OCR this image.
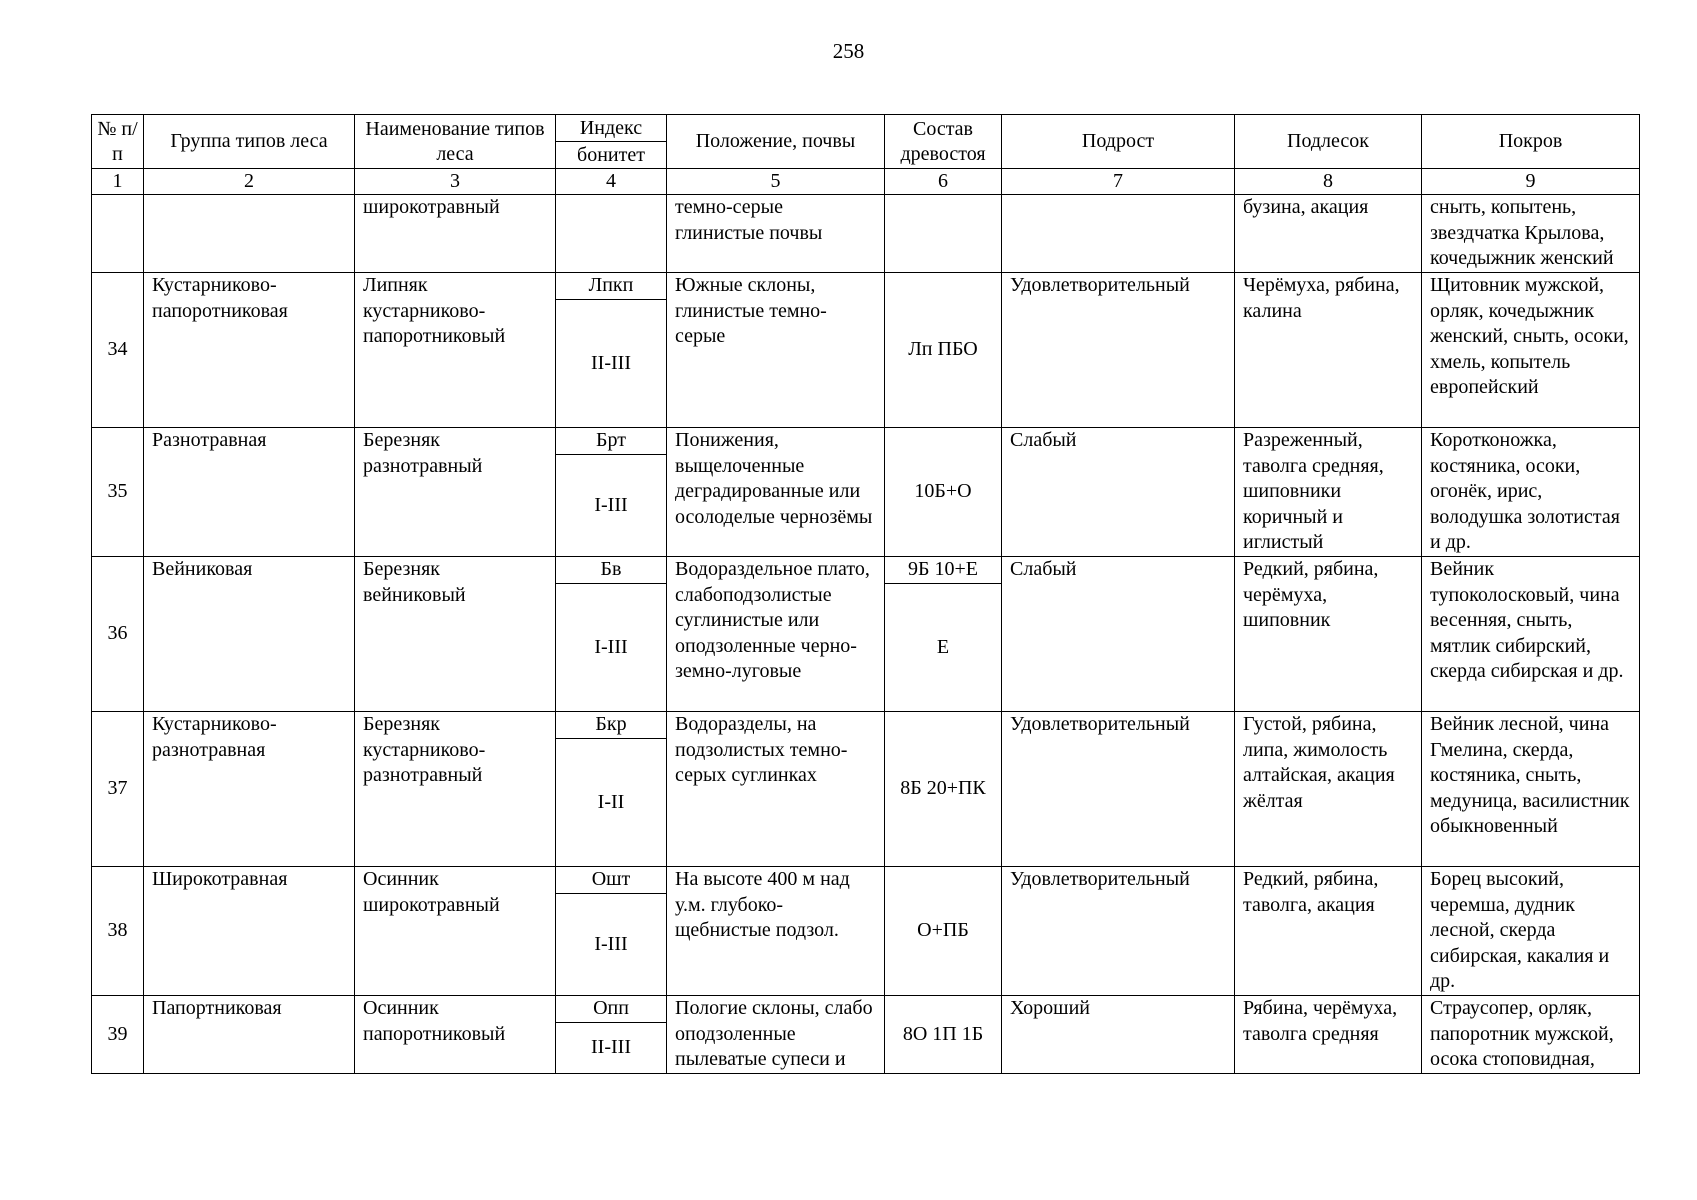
258
№ п/п	Группа типов леса	Наименование типов леса	Индекс	Положение, почвы	Состав древостоя	Подрост	Подлесок	Покров
			бонитет					
1	2	3	4	5	6	7	8	9
		широкотравный		темно-серые глинистые почвы			бузина, акация	сныть, копытень, звездчатка Крылова, кочедыжник женский
34	Кустарниково-папоротниковая	Липняк кустарниково-папоротниковый	Лпкп	Южные склоны, глинистые темно-серые	Лп ПБО	Удовлетворительный	Черёмуха, рябина, калина	Щитовник мужской, орляк, кочедыжник женский, сныть, осоки, хмель, копытель европейский
			II-III					
35	Разнотравная	Березняк разнотравный	Брт	Понижения, выщелоченные деградированные или осолоделые чернозёмы	10Б+О	Слабый	Разреженный, таволга средняя, шиповники коричный и иглистый	Коротконожка, костяника, осоки, огонёк, ирис, володушка золотистая и др.
			I-III					
36	Вейниковая	Березняк вейниковый	Бв	Водораздельное плато, слабоподзолистые суглинистые или оподзоленные черно-земно-луговые	9Б 10+Е	Слабый	Редкий, рябина, черёмуха, шиповник	Вейник тупоколосковый, чина весенняя, сныть, мятлик сибирский, скерда сибирская и др.
			I-III		Е			
37	Кустарниково-разнотравная	Березняк кустарниково-разнотравный	Бкр	Водоразделы, на подзолистых темно-серых суглинках	8Б 20+ПК	Удовлетворительный	Густой, рябина, липа, жимолость алтайская, акация жёлтая	Вейник лесной, чина Гмелина, скерда, костяника, сныть, медуница, василистник обыкновенный
			I-II					
38	Широкотравная	Осинник широкотравный	Ошт	На высоте 400 м над у.м. глубоко-щебнистые подзол.	О+ПБ	Удовлетворительный	Редкий, рябина, таволга, акация	Борец высокий, черемша, дудник лесной, скерда сибирская, какалия и др.
			I-III					
39	Папортниковая	Осинник папоротниковый	Опп	Пологие склоны, слабо оподзоленные пылеватые супеси и	8О 1П 1Б	Хороший	Рябина, черёмуха, таволга средняя	Страусопер, орляк, папоротник мужской, осока стоповидная,
			II-III					
